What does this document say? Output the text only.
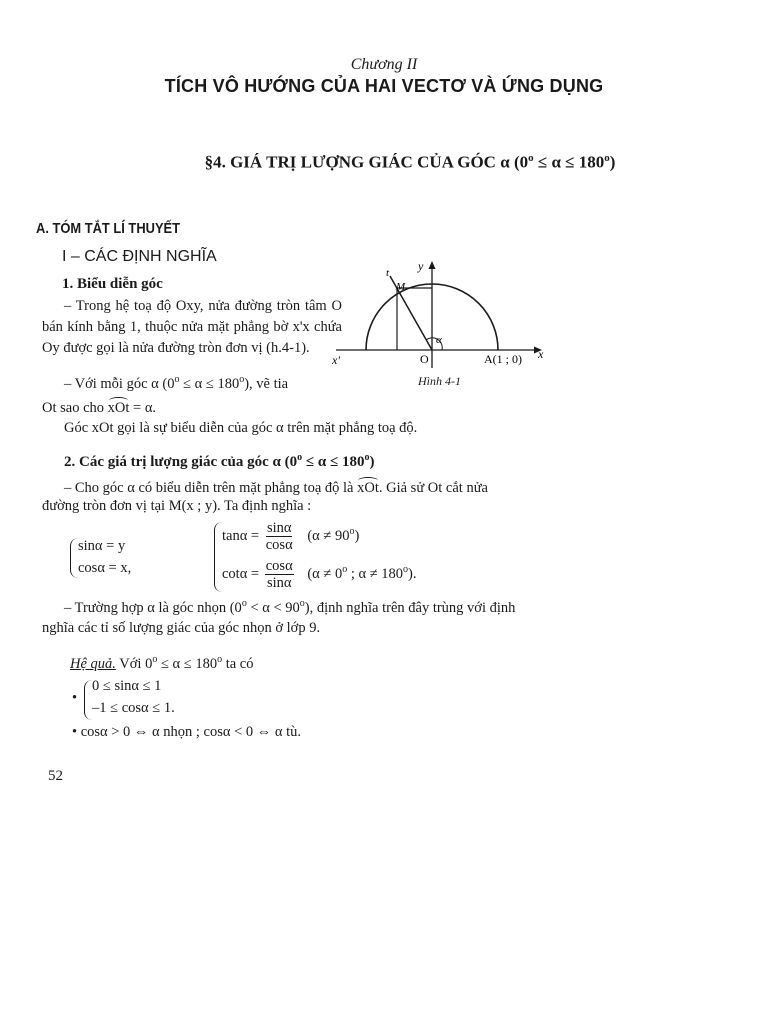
Chương II
TÍCH VÔ HƯỚNG CỦA HAI VECTƠ VÀ ỨNG DỤNG
§4. GIÁ TRỊ LƯỢNG GIÁC CỦA GÓC α $(0^o \le \alpha \le 180^o)$
A. TÓM TẮT LÍ THUYẾT
I – CÁC ĐỊNH NGHĨA
1. Biểu diễn góc
– Trong hệ toạ độ Oxy, nửa đường tròn tâm O bán kính bằng 1, thuộc nửa mặt phẳng bờ x'x chứa Oy được gọi là nửa đường tròn đơn vị (h.4-1).
– Với mỗi góc α $(0^o \le \alpha \le 180^o)$, vẽ tia
Ot sao cho xOt = α.
Góc xOt gọi là sự biểu diễn của góc α trên mặt phẳng toạ độ.
y
x
x'	O
M
t
α
A(1 ; 0)
Hình 4-1
2. Các giá trị lượng giác của góc α $(0^o \le \alpha \le 180^o)$
– Cho góc α có biểu diễn trên mặt phẳng toạ độ là xOt. Giả sử Ot cắt nửa
đường tròn đơn vị tại M(x ; y). Ta định nghĩa :
sinα = y
cosα = x,
$\tan\alpha = \frac{\sin\alpha}{\cos\alpha} (\alpha \ne 90^o)$
$\cot\alpha = \frac{\cos\alpha}{\sin\alpha} (\alpha \ne 0^o$ ; $\alpha \ne 180^o$).
– Trường hợp α là góc nhọn $(0^o < \alpha < 90^o)$, định nghĩa trên đây trùng với định
nghĩa các tỉ số lượng giác của góc nhọn ở lớp 9.
Hệ quả. Với $0^o \le \alpha \le 180^o$ ta có
•
0 ≤ sinα ≤ 1
–1 ≤ cosα ≤ 1.
• cosα > 0 ⇔ α nhọn ; cosα < 0 ⇔ α tù.
52
